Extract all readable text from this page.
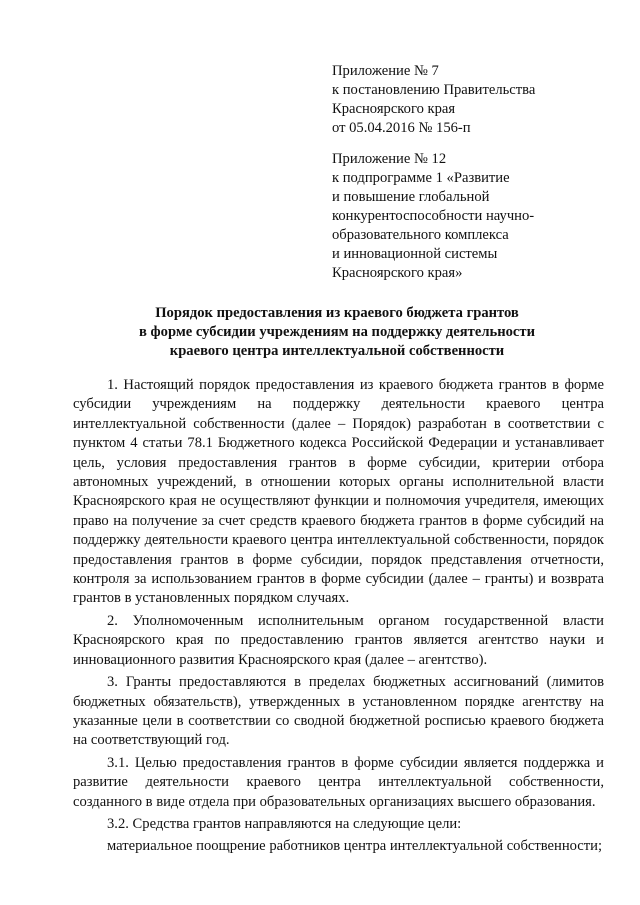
Приложение № 7
к постановлению Правительства
Красноярского края
от 05.04.2016 № 156-п
Приложение № 12
к подпрограмме 1 «Развитие
и повышение глобальной
конкурентоспособности научно-
образовательного комплекса
и инновационной системы
Красноярского края»
Порядок предоставления из краевого бюджета грантов
в форме субсидии учреждениям на поддержку деятельности
краевого центра интеллектуальной собственности

1. Настоящий порядок предоставления из краевого бюджета грантов в форме субсидии учреждениям на поддержку деятельности краевого центра интеллектуальной собственности (далее – Порядок) разработан в соответствии с пунктом 4 статьи 78.1 Бюджетного кодекса Российской Федерации и устанавливает цель, условия предоставления грантов в форме субсидии, критерии отбора автономных учреждений, в отношении которых органы исполнительной власти Красноярского края не осуществляют функции и полномочия учредителя, имеющих право на получение за счет средств краевого бюджета грантов в форме субсидий на поддержку деятельности краевого центра интеллектуальной собственности, порядок предоставления грантов в форме субсидии, порядок представления отчетности, контроля за использованием грантов в форме субсидии (далее – гранты) и возврата грантов в установленных порядком случаях.

2. Уполномоченным исполнительным органом государственной власти Красноярского края по предоставлению грантов является агентство науки и инновационного развития Красноярского края (далее – агентство).

3. Гранты предоставляются в пределах бюджетных ассигнований (лимитов бюджетных обязательств), утвержденных в установленном порядке агентству на указанные цели в соответствии со сводной бюджетной росписью краевого бюджета на соответствующий год.

3.1. Целью предоставления грантов в форме субсидии является поддержка и развитие деятельности краевого центра интеллектуальной собственности, созданного в виде отдела при образовательных организациях высшего образования.

3.2. Средства грантов направляются на следующие цели:

материальное поощрение работников центра интеллектуальной собственности;
